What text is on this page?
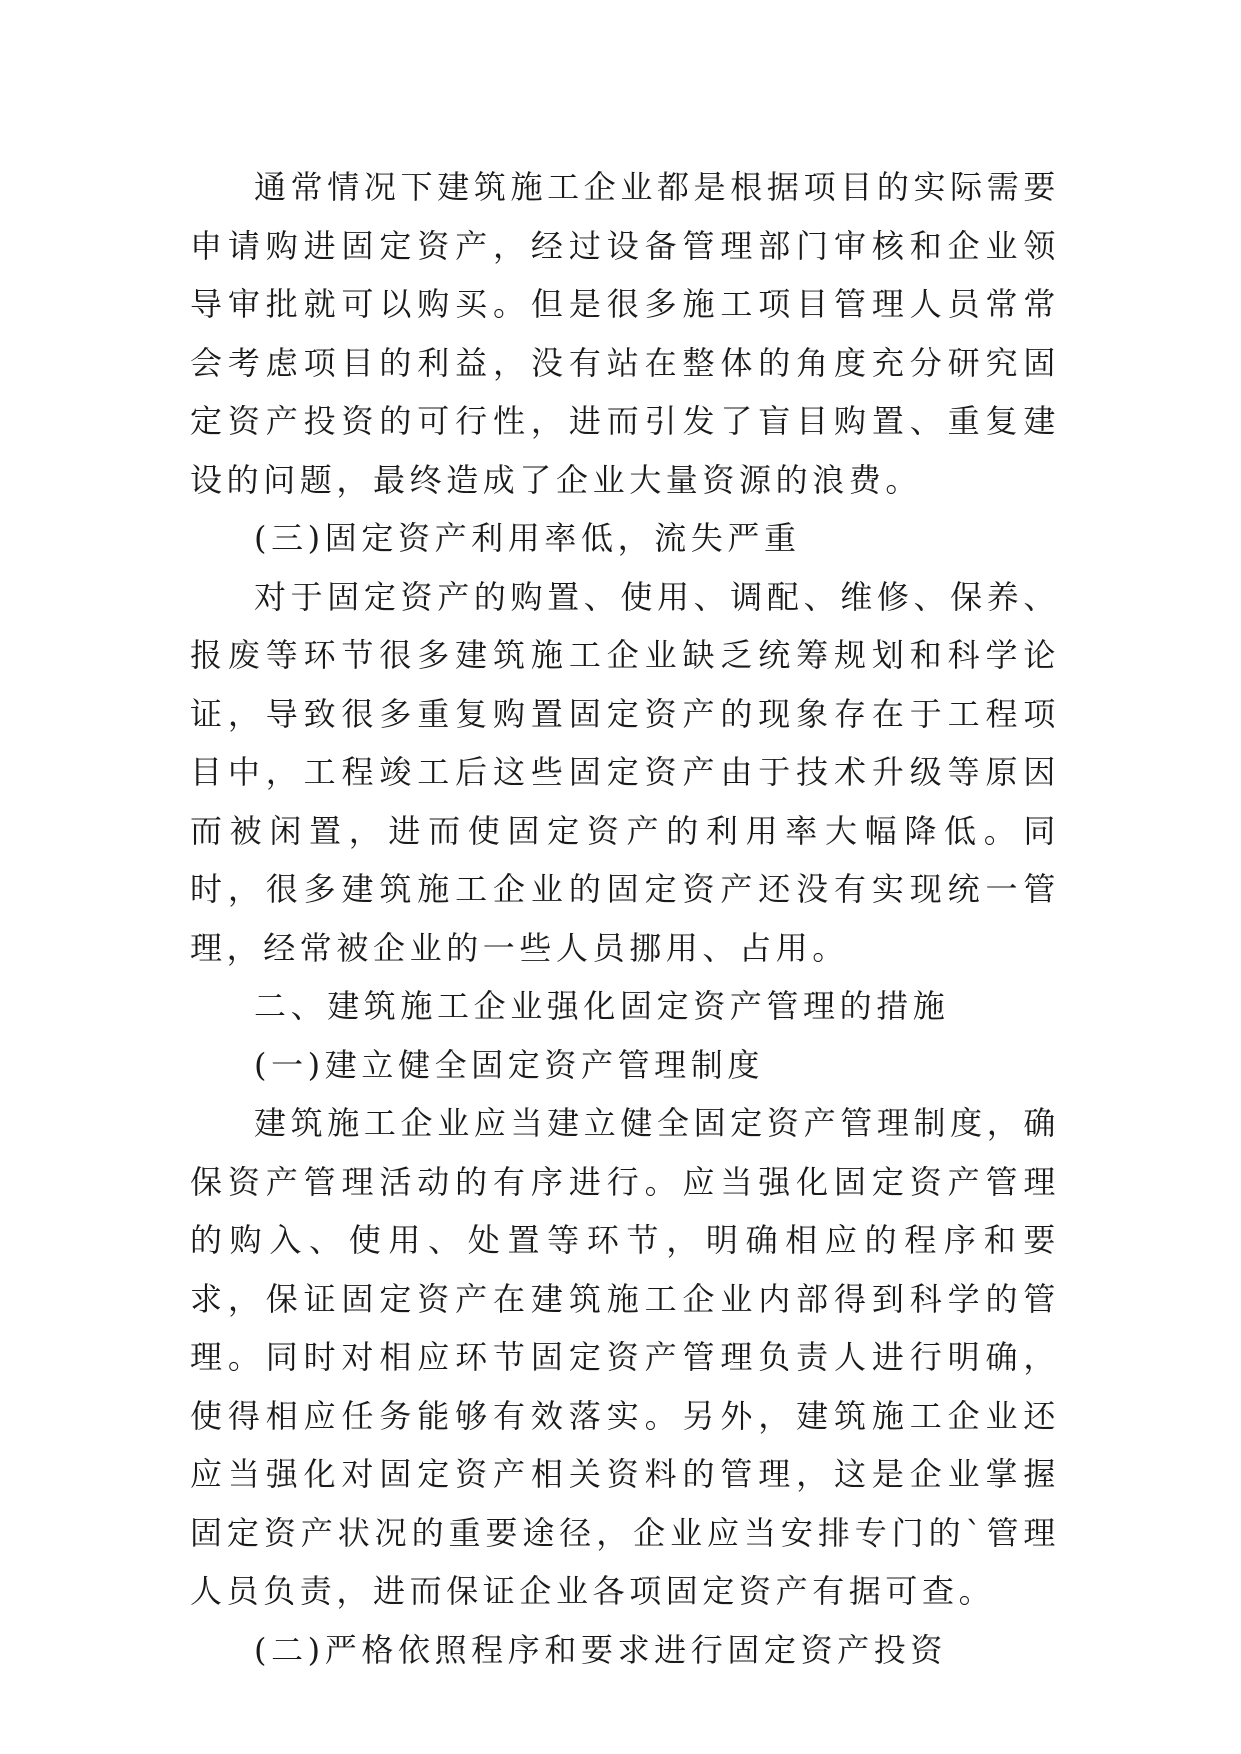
通常情况下建筑施工企业都是根据项目的实际需要申请购进固定资产，经过设备管理部门审核和企业领导审批就可以购买。但是很多施工项目管理人员常常会考虑项目的利益，没有站在整体的角度充分研究固定资产投资的可行性，进而引发了盲目购置、重复建设的问题，最终造成了企业大量资源的浪费。

(三)固定资产利用率低，流失严重

对于固定资产的购置、使用、调配、维修、保养、报废等环节很多建筑施工企业缺乏统筹规划和科学论证，导致很多重复购置固定资产的现象存在于工程项目中，工程竣工后这些固定资产由于技术升级等原因而被闲置，进而使固定资产的利用率大幅降低。同时，很多建筑施工企业的固定资产还没有实现统一管理，经常被企业的一些人员挪用、占用。

二、建筑施工企业强化固定资产管理的措施

(一)建立健全固定资产管理制度

建筑施工企业应当建立健全固定资产管理制度，确保资产管理活动的有序进行。应当强化固定资产管理的购入、使用、处置等环节，明确相应的程序和要求，保证固定资产在建筑施工企业内部得到科学的管理。同时对相应环节固定资产管理负责人进行明确，使得相应任务能够有效落实。另外，建筑施工企业还应当强化对固定资产相关资料的管理，这是企业掌握固定资产状况的重要途径，企业应当安排专门的`管理人员负责，进而保证企业各项固定资产有据可查。

(二)严格依照程序和要求进行固定资产投资
